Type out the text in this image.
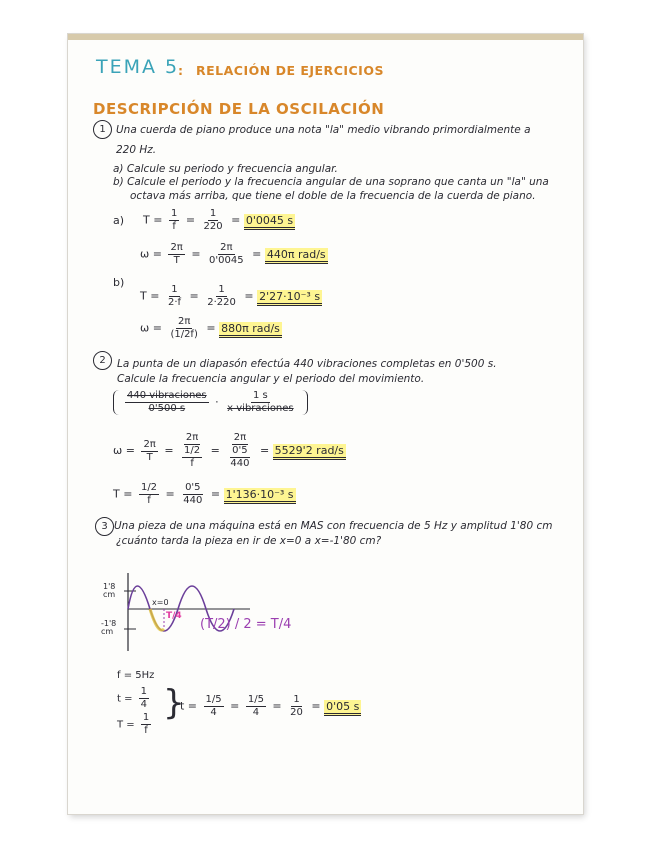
TEMA 5
: RELACIÓN DE EJERCICIOS
DESCRIPCIÓN DE LA OSCILACIÓN
1 Una cuerda de piano produce una nota "la" medio vibrando primordialmente a
220 Hz.
a) Calcule su periodo y frecuencia angular.
b) Calcule el periodo y la frecuencia angular de una soprano que canta un "la" una
octava más arriba, que tiene el doble de la frecuencia de la cuerda de piano.
a) $T = \frac{1}{f} = \frac{1}{220} = 0'0045$ s
$\omega = \frac{2\pi}{T} = \frac{2\pi}{0'0045} = 440\pi$ rad/s
b)
$T = \frac{1}{2\cdot f} = \frac{1}{2\cdot 220} = 2'27\cdot 10^{-3}$ s
$\omega = \frac{2\pi}{(1/2f)} = 880\pi$ rad/s
2	La punta de un diapasón efectúa 440 vibraciones completas en 0'500 s.
Calcule la frecuencia angular y el periodo del movimiento.
$\frac{\text{440 vibraciones}}{0'500 s} \cdot \frac{1 s}{\text{x vibraciones}}$
$\omega = \frac{2\pi}{T} = \frac{2\pi}{\frac{1/2}{f}} = \frac{2\pi}{\frac{0'5}{440}} = 5529'2$ rad/s
$T = \frac{1/2}{f} = \frac{0'5}{440} = 1'136\cdot 10^{-3}$ s
3 Una pieza de una máquina está en MAS con frecuencia de 5 Hz y amplitud 1'80 cm
¿cuánto tarda la pieza en ir de x=0 a x=-1'80 cm?
1'8
cm
-1'8
cm
x=0
T/4
(T/2) / 2 = T/4
f = 5Hz
$t = \frac{1}{4}$
$T = \frac{1}{f}$
}
$t = \frac{1/5}{4} = \frac{1/5}{4} = \frac{1}{20} = 0'05$ s
